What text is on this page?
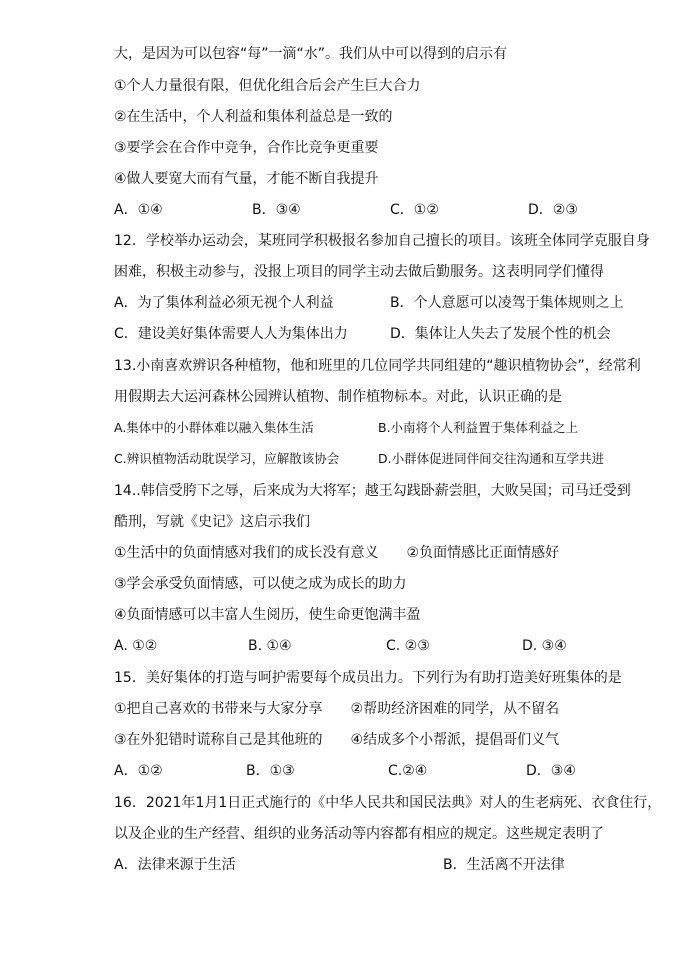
大，是因为可以包容“每”一滴“水”。我们从中可以得到的启示有
①个人力量很有限，但优化组合后会产生巨大合力
②在生活中，个人利益和集体利益总是一致的
③要学会在合作中竞争，合作比竞争更重要
④做人要宽大而有气量，才能不断自我提升
A．①④	B．③④	C．①②	D．②③
12．学校举办运动会，某班同学积极报名参加自己擅长的项目。该班全体同学克服自身
困难，积极主动参与，没报上项目的同学主动去做后勤服务。这表明同学们懂得
A．为了集体利益必须无视个人利益	B．个人意愿可以凌驾于集体规则之上
C．建设美好集体需要人人为集体出力	D．集体让人失去了发展个性的机会
13.小南喜欢辨识各种植物，他和班里的几位同学共同组建的“趣识植物协会”，经常利
用假期去大运河森林公园辨认植物、制作植物标本。对此，认识正确的是
A.集体中的小群体难以融入集体生活	B.小南将个人利益置于集体利益之上
C.辨识植物活动耽误学习，应解散该协会	D.小群体促进同伴间交往沟通和互学共进
14..韩信受胯下之辱，后来成为大将军；越王勾践卧薪尝胆，大败吴国；司马迁受到
酷刑，写就《史记》这启示我们
①生活中的负面情感对我们的成长没有意义　　②负面情感比正面情感好
③学会承受负面情感，可以使之成为成长的助力
④负面情感可以丰富人生阅历，使生命更饱满丰盈
A. ①②	B. ①④	C. ②③	D. ③④
15．美好集体的打造与呵护需要每个成员出力。下列行为有助打造美好班集体的是
①把自己喜欢的书带来与大家分享　　②帮助经济困难的同学，从不留名
③在外犯错时谎称自己是其他班的　　④结成多个小帮派，提倡哥们义气
A．①②	B．①③	C.②④	D．③④
16．2021年1月1日正式施行的《中华人民共和国民法典》对人的生老病死、衣食住行，
以及企业的生产经营、组织的业务活动等内容都有相应的规定。这些规定表明了
A．法律来源于生活	B．生活离不开法律
